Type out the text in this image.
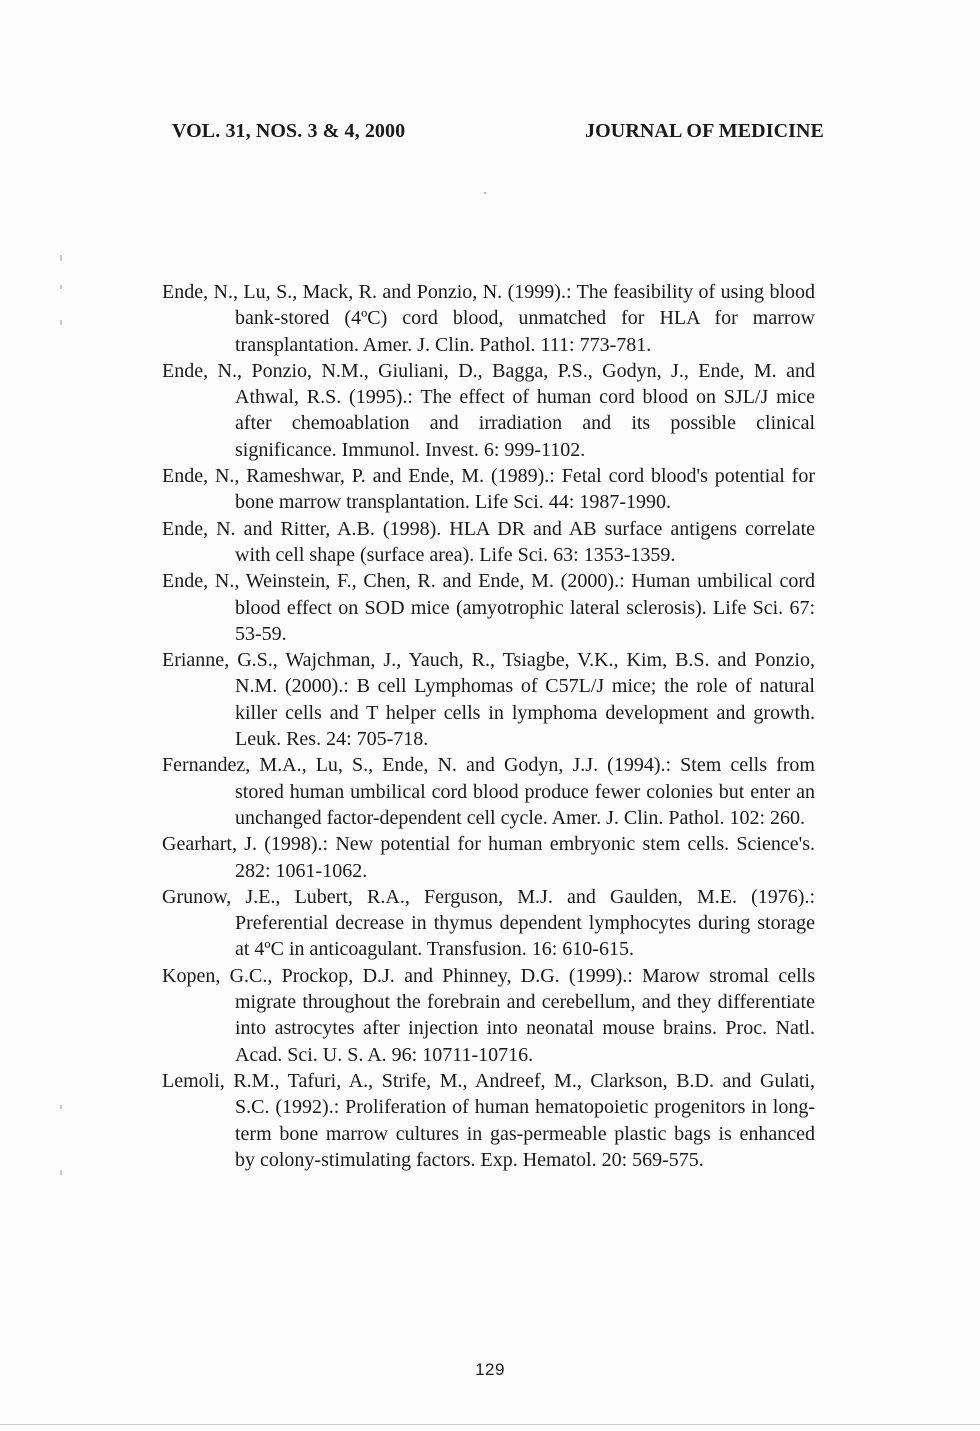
VOL. 31, NOS. 3 & 4, 2000	JOURNAL OF MEDICINE
Ende, N., Lu, S., Mack, R. and Ponzio, N. (1999).: The feasibility of using blood bank-stored (4ºC) cord blood, unmatched for HLA for marrow transplantation. Amer. J. Clin. Pathol. 111: 773-781.
Ende, N., Ponzio, N.M., Giuliani, D., Bagga, P.S., Godyn, J., Ende, M. and Athwal, R.S. (1995).: The effect of human cord blood on SJL/J mice after chemoablation and irradiation and its possible clinical significance. Immunol. Invest. 6: 999-1102.
Ende, N., Rameshwar, P. and Ende, M. (1989).: Fetal cord blood's potential for bone marrow transplantation. Life Sci. 44: 1987-1990.
Ende, N. and Ritter, A.B. (1998). HLA DR and AB surface antigens correlate with cell shape (surface area). Life Sci. 63: 1353-1359.
Ende, N., Weinstein, F., Chen, R. and Ende, M. (2000).: Human umbilical cord blood effect on SOD mice (amyotrophic lateral sclerosis). Life Sci. 67: 53-59.
Erianne, G.S., Wajchman, J., Yauch, R., Tsiagbe, V.K., Kim, B.S. and Ponzio, N.M. (2000).: B cell Lymphomas of C57L/J mice; the role of natural killer cells and T helper cells in lymphoma development and growth. Leuk. Res. 24: 705-718.
Fernandez, M.A., Lu, S., Ende, N. and Godyn, J.J. (1994).: Stem cells from stored human umbilical cord blood produce fewer colonies but enter an unchanged factor-dependent cell cycle. Amer. J. Clin. Pathol. 102: 260.
Gearhart, J. (1998).: New potential for human embryonic stem cells. Science's. 282: 1061-1062.
Grunow, J.E., Lubert, R.A., Ferguson, M.J. and Gaulden, M.E. (1976).: Preferential decrease in thymus dependent lymphocytes during storage at 4ºC in anticoagulant. Transfusion. 16: 610-615.
Kopen, G.C., Prockop, D.J. and Phinney, D.G. (1999).: Marow stromal cells migrate throughout the forebrain and cerebellum, and they differentiate into astrocytes after injection into neonatal mouse brains. Proc. Natl. Acad. Sci. U. S. A. 96: 10711-10716.
Lemoli, R.M., Tafuri, A., Strife, M., Andreef, M., Clarkson, B.D. and Gulati, S.C. (1992).: Proliferation of human hematopoietic progenitors in long-term bone marrow cultures in gas-permeable plastic bags is enhanced by colony-stimulating factors. Exp. Hematol. 20: 569-575.
129
